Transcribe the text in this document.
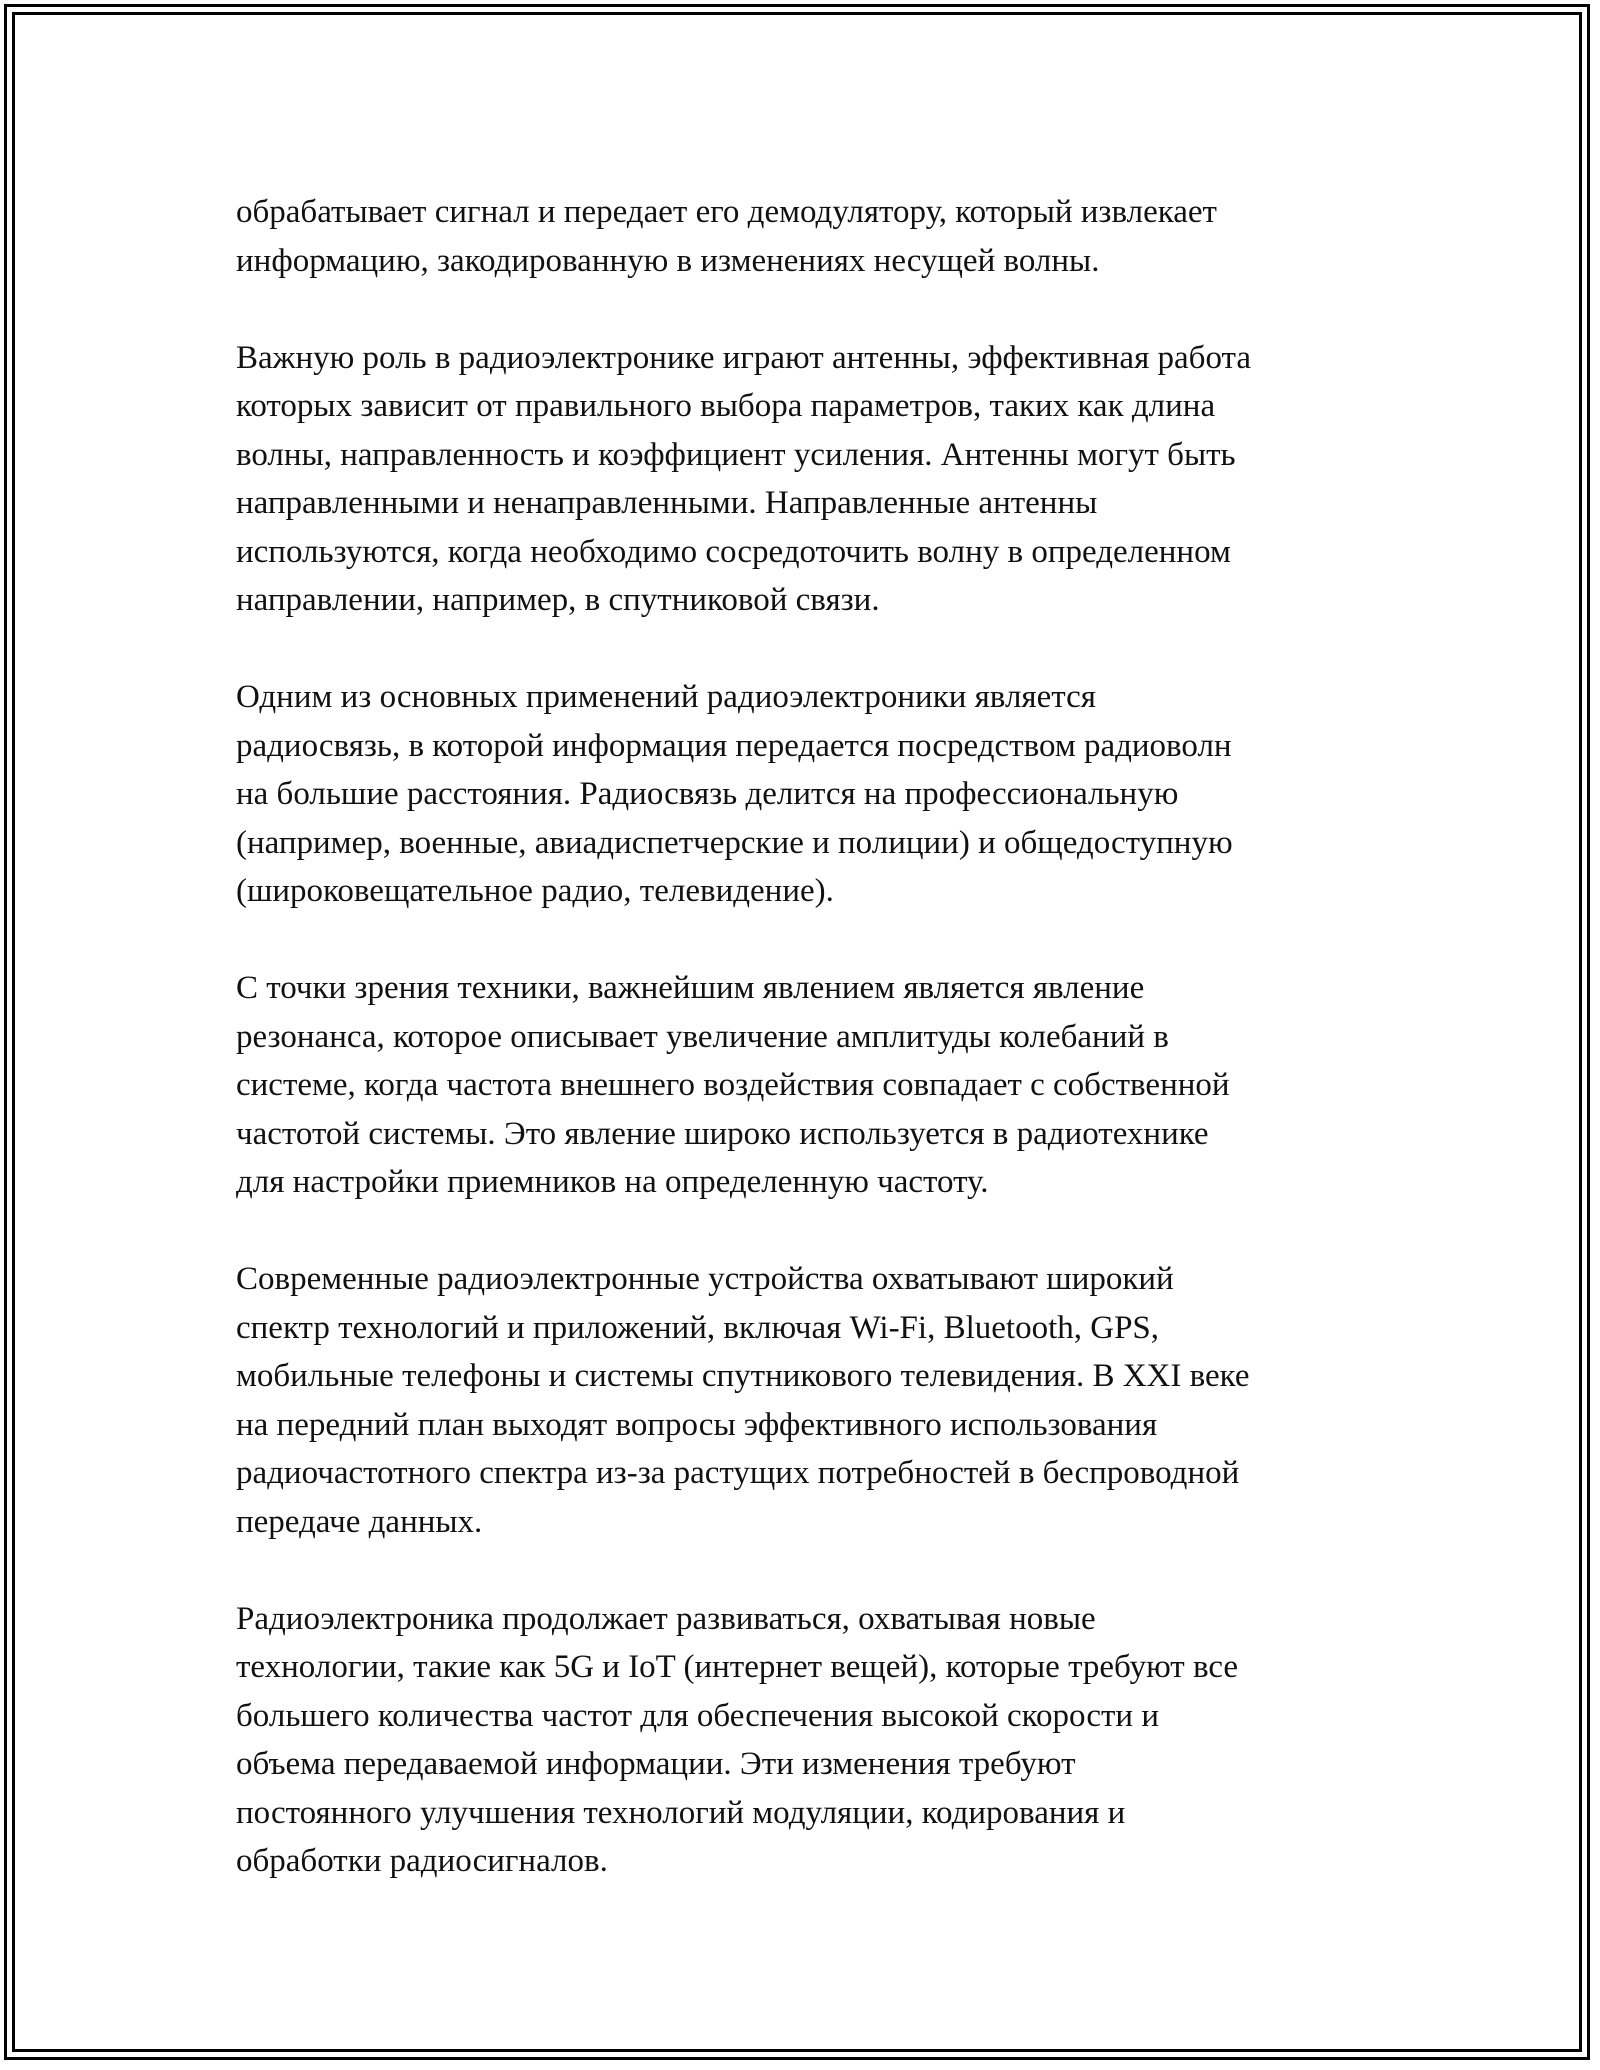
обрабатывает сигнал и передает его демодулятору, который извлекает
информацию, закодированную в изменениях несущей волны.

Важную роль в радиоэлектронике играют антенны, эффективная работа
которых зависит от правильного выбора параметров, таких как длина
волны, направленность и коэффициент усиления. Антенны могут быть
направленными и ненаправленными. Направленные антенны
используются, когда необходимо сосредоточить волну в определенном
направлении, например, в спутниковой связи.

Одним из основных применений радиоэлектроники является
радиосвязь, в которой информация передается посредством радиоволн
на большие расстояния. Радиосвязь делится на профессиональную
(например, военные, авиадиспетчерские и полиции) и общедоступную
(широковещательное радио, телевидение).

С точки зрения техники, важнейшим явлением является явление
резонанса, которое описывает увеличение амплитуды колебаний в
системе, когда частота внешнего воздействия совпадает с собственной
частотой системы. Это явление широко используется в радиотехнике
для настройки приемников на определенную частоту.

Современные радиоэлектронные устройства охватывают широкий
спектр технологий и приложений, включая Wi-Fi, Bluetooth, GPS,
мобильные телефоны и системы спутникового телевидения. В XXI веке
на передний план выходят вопросы эффективного использования
радиочастотного спектра из-за растущих потребностей в беспроводной
передаче данных.

Радиоэлектроника продолжает развиваться, охватывая новые
технологии, такие как 5G и IoT (интернет вещей), которые требуют все
большего количества частот для обеспечения высокой скорости и
объема передаваемой информации. Эти изменения требуют
постоянного улучшения технологий модуляции, кодирования и
обработки радиосигналов.
